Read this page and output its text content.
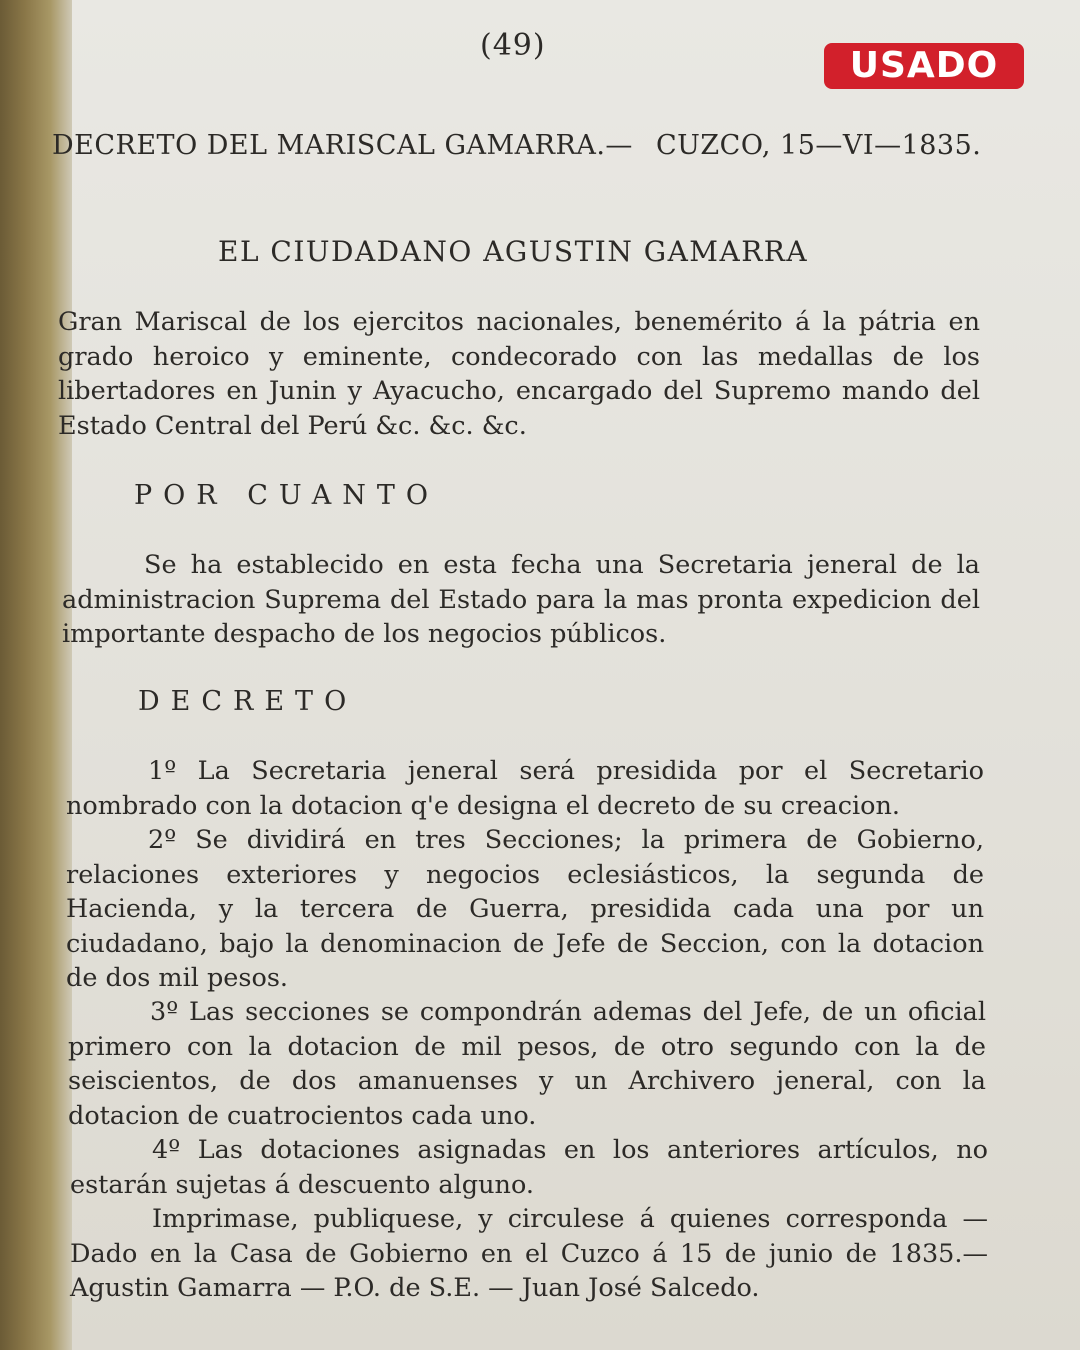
(49)	USADO
DECRETO DEL MARISCAL GAMARRA.— CUZCO, 15—VI—1835.
EL CIUDADANO AGUSTIN GAMARRA
Gran Mariscal de los ejercitos nacionales, benemérito á la pátria en grado heroico y eminente, condecorado con las medallas de los libertadores en Junin y Ayacucho, encargado del Supremo mando del Estado Central del Perú &c. &c. &c.
POR CUANTO
Se ha establecido en esta fecha una Secretaria jeneral de la administracion Suprema del Estado para la mas pronta expedicion del importante despacho de los negocios públicos.
DECRETO
1º La Secretaria jeneral será presidida por el Secretario nombrado con la dotacion q'e designa el decreto de su creacion.
2º Se dividirá en tres Secciones; la primera de Gobierno, relaciones exteriores y negocios eclesiásticos, la segunda de Hacienda, y la tercera de Guerra, presidida cada una por un ciudadano, bajo la denominacion de Jefe de Seccion, con la dotacion de dos mil pesos.
3º Las secciones se compondrán ademas del Jefe, de un oficial primero con la dotacion de mil pesos, de otro segundo con la de seiscientos, de dos amanuenses y un Archivero jeneral, con la dotacion de cuatrocientos cada uno.
4º Las dotaciones asignadas en los anteriores artículos, no estarán sujetas á descuento alguno.
Imprimase, publiquese, y circulese á quienes corresponda — Dado en la Casa de Gobierno en el Cuzco á 15 de junio de 1835.— Agustin Gamarra — P.O. de S.E. — Juan José Salcedo.
